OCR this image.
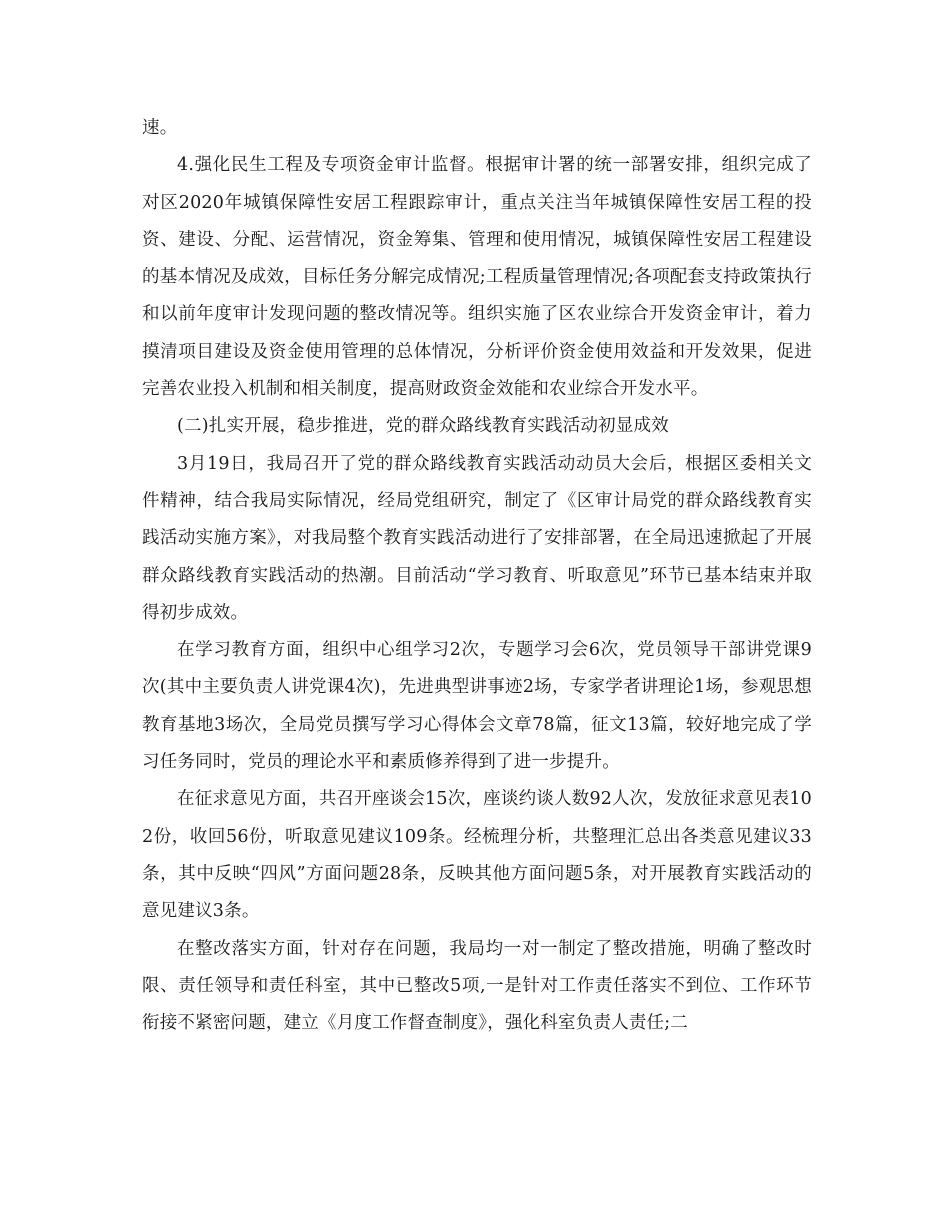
速。

4.强化民生工程及专项资金审计监督。根据审计署的统一部署安排，组织完成了对区2020年城镇保障性安居工程跟踪审计，重点关注当年城镇保障性安居工程的投资、建设、分配、运营情况，资金筹集、管理和使用情况，城镇保障性安居工程建设的基本情况及成效，目标任务分解完成情况;工程质量管理情况;各项配套支持政策执行和以前年度审计发现问题的整改情况等。组织实施了区农业综合开发资金审计，着力摸清项目建设及资金使用管理的总体情况，分析评价资金使用效益和开发效果，促进完善农业投入机制和相关制度，提高财政资金效能和农业综合开发水平。

(二)扎实开展，稳步推进，党的群众路线教育实践活动初显成效

3月19日，我局召开了党的群众路线教育实践活动动员大会后，根据区委相关文件精神，结合我局实际情况，经局党组研究，制定了《区审计局党的群众路线教育实践活动实施方案》，对我局整个教育实践活动进行了安排部署，在全局迅速掀起了开展群众路线教育实践活动的热潮。目前活动“学习教育、听取意见”环节已基本结束并取得初步成效。

在学习教育方面，组织中心组学习2次，专题学习会6次，党员领导干部讲党课9次(其中主要负责人讲党课4次)，先进典型讲事迹2场，专家学者讲理论1场，参观思想教育基地3场次，全局党员撰写学习心得体会文章78篇，征文13篇，较好地完成了学习任务同时，党员的理论水平和素质修养得到了进一步提升。

在征求意见方面，共召开座谈会15次，座谈约谈人数92人次，发放征求意见表102份，收回56份，听取意见建议109条。经梳理分析，共整理汇总出各类意见建议33条，其中反映“四风”方面问题28条，反映其他方面问题5条，对开展教育实践活动的意见建议3条。

在整改落实方面，针对存在问题，我局均一对一制定了整改措施，明确了整改时限、责任领导和责任科室，其中已整改5项,一是针对工作责任落实不到位、工作环节衔接不紧密问题，建立《月度工作督查制度》，强化科室负责人责任;二
